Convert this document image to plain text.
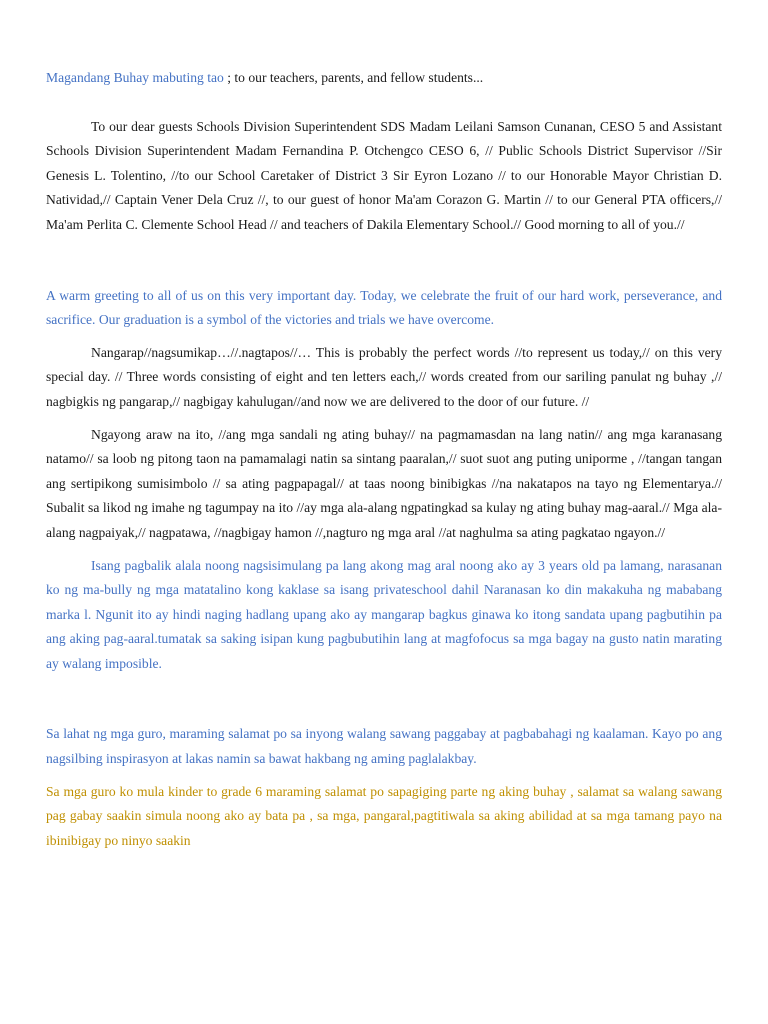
Magandang Buhay mabuting tao ; to our teachers, parents, and fellow students...

To our dear guests Schools Division Superintendent SDS Madam Leilani Samson Cunanan, CESO 5 and Assistant Schools Division Superintendent Madam Fernandina P. Otchengco CESO 6, // Public Schools District Supervisor //Sir Genesis L. Tolentino, //to our School Caretaker of District 3 Sir Eyron Lozano // to our Honorable Mayor Christian D. Natividad,// Captain Vener Dela Cruz //, to our guest of honor Ma'am Corazon G. Martin // to our General PTA officers,// Ma'am Perlita C. Clemente School Head // and teachers of Dakila Elementary School.// Good morning to all of you.//

A warm greeting to all of us on this very important day. Today, we celebrate the fruit of our hard work, perseverance, and sacrifice. Our graduation is a symbol of the victories and trials we have overcome.

Nangarap//nagsumikap…//.nagtapos//… This is probably the perfect words //to represent us today,// on this very special day. // Three words consisting of eight and ten letters each,// words created from our sariling panulat ng buhay ,// nagbigkis ng pangarap,// nagbigay kahulugan//and now we are delivered to the door of our future. //

Ngayong araw na ito, //ang mga sandali ng ating buhay// na pagmamasdan na lang natin// ang mga karanasang natamo// sa loob ng pitong taon na pamamalagi natin sa sintang paaralan,// suot suot ang puting uniporme , //tangan tangan ang sertipikong sumisimbolo // sa ating pagpapagal// at taas noong binibigkas //na nakatapos na tayo ng Elementarya.// Subalit sa likod ng imahe ng tagumpay na ito //ay mga ala-alang ngpatingkad sa kulay ng ating buhay mag-aaral.// Mga ala-alang nagpaiyak,// nagpatawa, //nagbigay hamon //,nagturo ng mga aral //at naghulma sa ating pagkatao ngayon.//

Isang pagbalik alala noong nagsisimulang pa lang akong mag aral noong ako ay 3 years old pa lamang, narasanan ko ng ma-bully ng mga matatalino kong kaklase sa isang privateschool dahil Naranasan ko din makakuha ng mababang marka l. Ngunit ito ay hindi naging hadlang upang ako ay mangarap bagkus ginawa ko itong sandata upang pagbutihin pa ang aking pag-aaral.tumatak sa saking isipan kung pagbubutihin lang at magfofocus sa mga bagay na gusto natin marating ay walang imposible.

Sa lahat ng mga guro, maraming salamat po sa inyong walang sawang paggabay at pagbabahagi ng kaalaman. Kayo po ang nagsilbing inspirasyon at lakas namin sa bawat hakbang ng aming paglalakbay.

Sa mga guro ko mula kinder to grade 6 maraming salamat po sapagiging parte ng aking buhay , salamat sa walang sawang pag gabay saakin simula noong ako ay bata pa , sa mga, pangaral,pagtitiwala sa aking abilidad at sa mga tamang payo na ibinibigay po ninyo saakin
